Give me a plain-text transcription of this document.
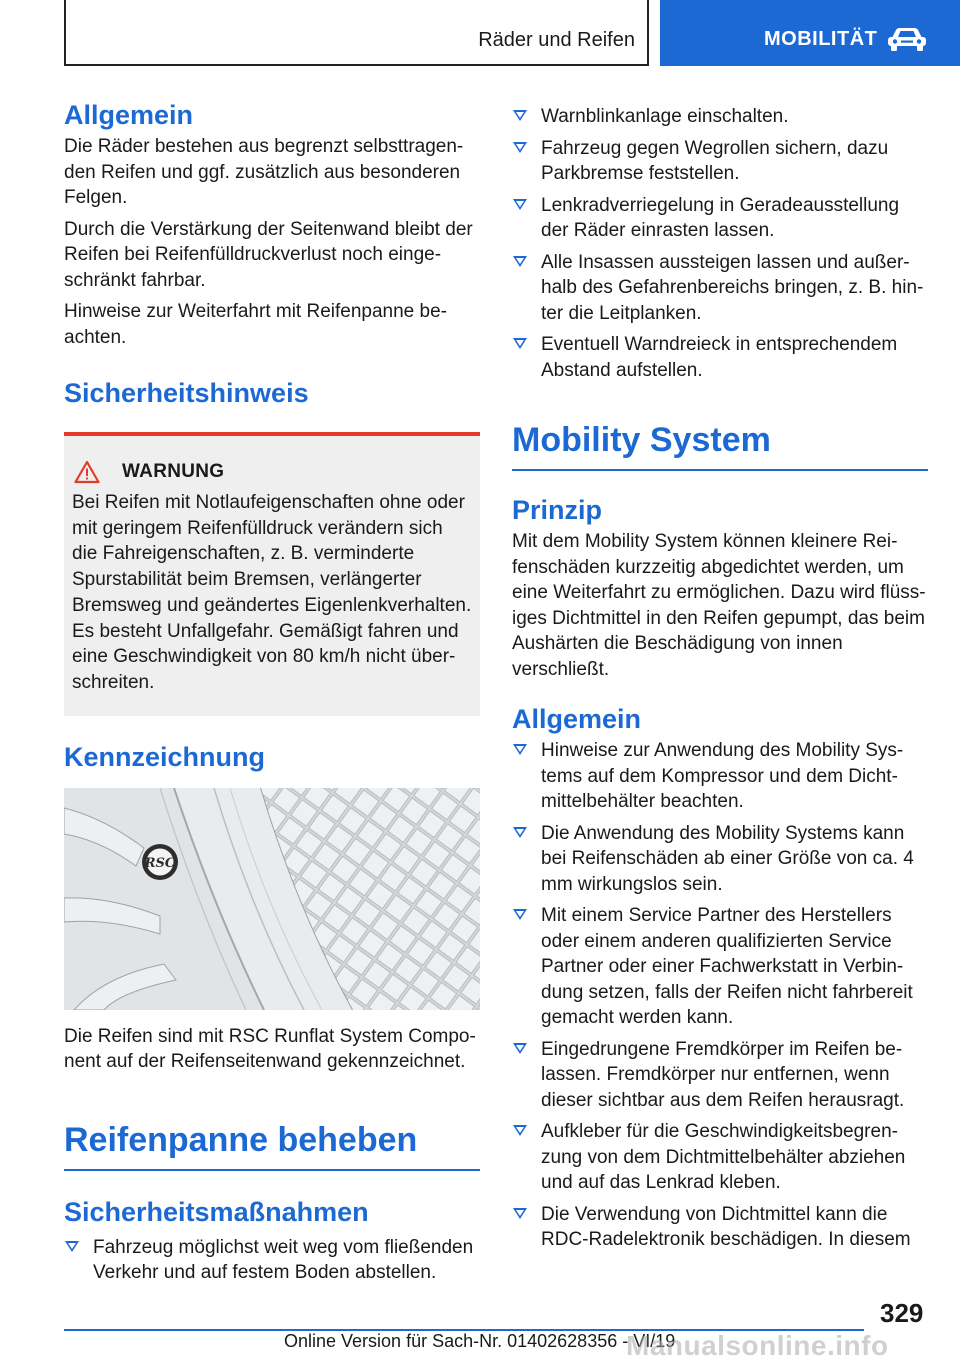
Räder und Reifen	MOBILITÄT
Allgemein

Die Räder bestehen aus begrenzt selbsttragen-den Reifen und ggf. zusätzlich aus besonderen Felgen.

Durch die Verstärkung der Seitenwand bleibt der Reifen bei Reifenfülldruckverlust noch einge-schränkt fahrbar.

Hinweise zur Weiterfahrt mit Reifenpanne be-achten.

Sicherheitshinweis
WARNUNG
Bei Reifen mit Notlaufeigenschaften ohne oder mit geringem Reifenfülldruck verändern sich die Fahreigenschaften, z. B. verminderte Spurstabilität beim Bremsen, verlängerter Bremsweg und geändertes Eigenlenkverhalten. Es besteht Unfallgefahr. Gemäßigt fahren und eine Geschwindigkeit von 80 km/h nicht über-schreiten.
Kennzeichnung
RSC

Die Reifen sind mit RSC Runflat System Compo-nent auf der Reifenseitenwand gekennzeichnet.

Reifenpanne beheben
Sicherheitsmaßnahmen
Fahrzeug möglichst weit weg vom fließenden Verkehr und auf festem Boden abstellen.
Warnblinkanlage einschalten.
Fahrzeug gegen Wegrollen sichern, dazu Parkbremse feststellen.
Lenkradverriegelung in Geradeausstellung der Räder einrasten lassen.
Alle Insassen aussteigen lassen und außer-halb des Gefahrenbereichs bringen, z. B. hin-ter die Leitplanken.
Eventuell Warndreieck in entsprechendem Abstand aufstellen.
Mobility System
Prinzip

Mit dem Mobility System können kleinere Rei-fenschäden kurzzeitig abgedichtet werden, um eine Weiterfahrt zu ermöglichen. Dazu wird flüss-iges Dichtmittel in den Reifen gepumpt, das beim Aushärten die Beschädigung von innen verschließt.

Allgemein
Hinweise zur Anwendung des Mobility Sys-tems auf dem Kompressor und dem Dicht-mittelbehälter beachten.
Die Anwendung des Mobility Systems kann bei Reifenschäden ab einer Größe von ca. 4 mm wirkungslos sein.
Mit einem Service Partner des Herstellers oder einem anderen qualifizierten Service Partner oder einer Fachwerkstatt in Verbin-dung setzen, falls der Reifen nicht fahrbereit gemacht werden kann.
Eingedrungene Fremdkörper im Reifen be-lassen. Fremdkörper nur entfernen, wenn dieser sichtbar aus dem Reifen herausragt.
Aufkleber für die Geschwindigkeitsbegren-zung von dem Dichtmittelbehälter abziehen und auf das Lenkrad kleben.
Die Verwendung von Dichtmittel kann die RDC-Radelektronik beschädigen. In diesem
329
Online Version für Sach-Nr. 01402628356 - VI/19
Manualsonline.info
